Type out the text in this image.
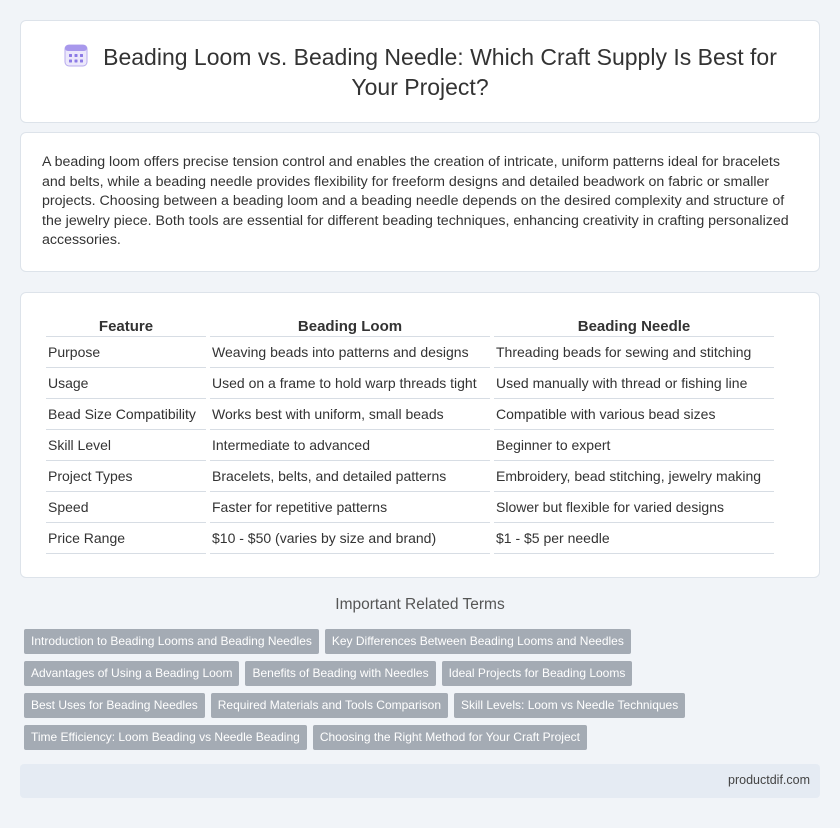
Beading Loom vs. Beading Needle: Which Craft Supply Is Best for Your Project?

A beading loom offers precise tension control and enables the creation of intricate, uniform patterns ideal for bracelets and belts, while a beading needle provides flexibility for freeform designs and detailed beadwork on fabric or smaller projects. Choosing between a beading loom and a beading needle depends on the desired complexity and structure of the jewelry piece. Both tools are essential for different beading techniques, enhancing creativity in crafting personalized accessories.

Feature	Beading Loom	Beading Needle
Purpose	Weaving beads into patterns and designs	Threading beads for sewing and stitching
Usage	Used on a frame to hold warp threads tight	Used manually with thread or fishing line
Bead Size Compatibility	Works best with uniform, small beads	Compatible with various bead sizes
Skill Level	Intermediate to advanced	Beginner to expert
Project Types	Bracelets, belts, and detailed patterns	Embroidery, bead stitching, jewelry making
Speed	Faster for repetitive patterns	Slower but flexible for varied designs
Price Range	$10 - $50 (varies by size and brand)	$1 - $5 per needle
Important Related Terms
Introduction to Beading Looms and Beading Needles Key Differences Between Beading Looms and Needles
Advantages of Using a Beading Loom Benefits of Beading with Needles Ideal Projects for Beading Looms
Best Uses for Beading Needles Required Materials and Tools Comparison Skill Levels: Loom vs Needle Techniques
Time Efficiency: Loom Beading vs Needle Beading Choosing the Right Method for Your Craft Project
productdif.com
